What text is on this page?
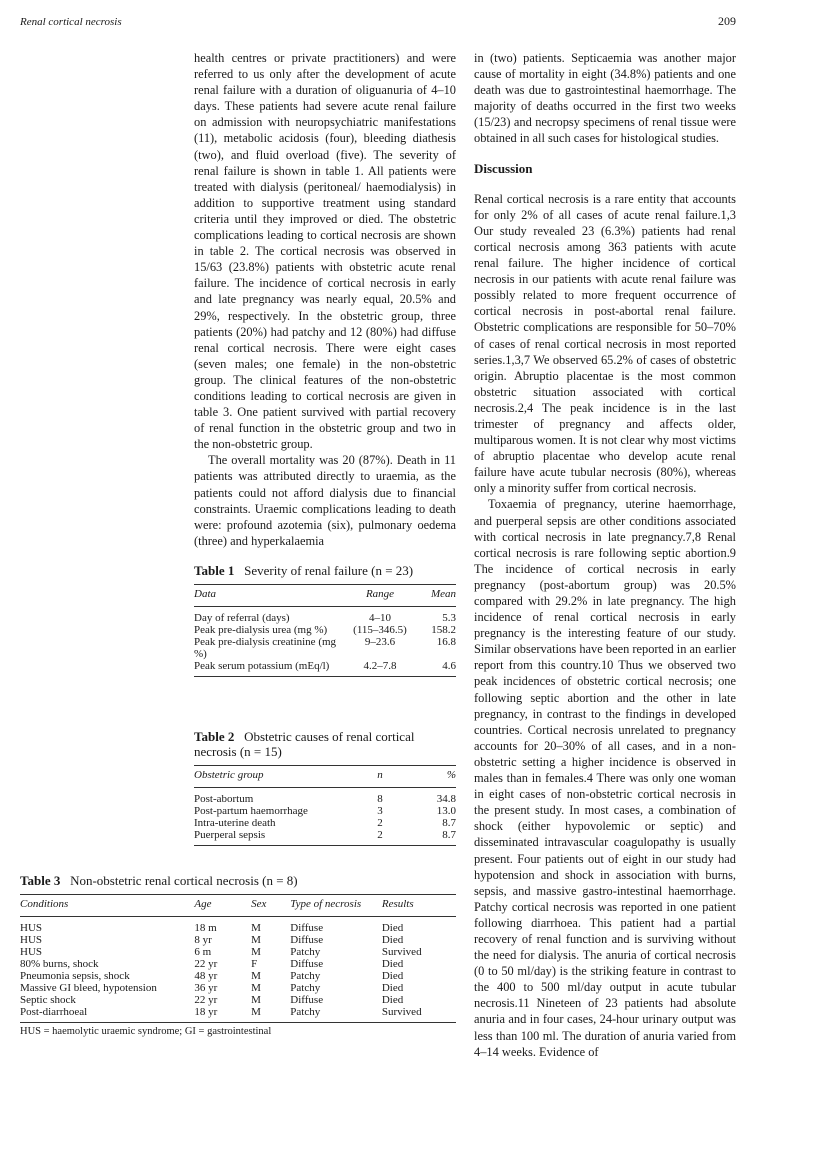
Renal cortical necrosis	209

health centres or private practitioners) and were referred to us only after the development of acute renal failure with a duration of oliguanuria of 4–10 days. These patients had severe acute renal failure on admission with neuropsychiatric manifestations (11), metabolic acidosis (four), bleeding diathesis (two), and fluid overload (five). The severity of renal failure is shown in table 1. All patients were treated with dialysis (peritoneal/ haemodialysis) in addition to supportive treatment using standard criteria until they improved or died. The obstetric complications leading to cortical necrosis are shown in table 2. The cortical necrosis was observed in 15/63 (23.8%) patients with obstetric acute renal failure. The incidence of cortical necrosis in early and late pregnancy was nearly equal, 20.5% and 29%, respectively. In the obstetric group, three patients (20%) had patchy and 12 (80%) had diffuse renal cortical necrosis. There were eight cases (seven males; one female) in the non-obstetric group. The clinical features of the non-obstetric conditions leading to cortical necrosis are given in table 3. One patient survived with partial recovery of renal function in the obstetric group and two in the non-obstetric group.

The overall mortality was 20 (87%). Death in 11 patients was attributed directly to uraemia, as the patients could not afford dialysis due to financial constraints. Uraemic complications leading to death were: profound azotemia (six), pulmonary oedema (three) and hyperkalaemia

in (two) patients. Septicaemia was another major cause of mortality in eight (34.8%) patients and one death was due to gastrointestinal haemorrhage. The majority of deaths occurred in the first two weeks (15/23) and necropsy specimens of renal tissue were obtained in all such cases for histological studies.

Discussion

Renal cortical necrosis is a rare entity that accounts for only 2% of all cases of acute renal failure.1,3 Our study revealed 23 (6.3%) patients had renal cortical necrosis among 363 patients with acute renal failure. The higher incidence of cortical necrosis in our patients with acute renal failure was possibly related to more frequent occurrence of cortical necrosis in post-abortal renal failure. Obstetric complications are responsible for 50–70% of cases of renal cortical necrosis in most reported series.1,3,7 We observed 65.2% of cases of obstetric origin. Abruptio placentae is the most common obstetric situation associated with cortical necrosis.2,4 The peak incidence is in the last trimester of pregnancy and affects older, multiparous women. It is not clear why most victims of abruptio placentae who develop acute renal failure have acute tubular necrosis (80%), whereas only a minority suffer from cortical necrosis.

Toxaemia of pregnancy, uterine haemorrhage, and puerperal sepsis are other conditions associated with cortical necrosis in late pregnancy.7,8 Renal cortical necrosis is rare following septic abortion.9 The incidence of cortical necrosis in early pregnancy (post-abortum group) was 20.5% compared with 29.2% in late pregnancy. The high incidence of renal cortical necrosis in early pregnancy is the interesting feature of our study. Similar observations have been reported in an earlier report from this country.10 Thus we observed two peak incidences of obstetric cortical necrosis; one following septic abortion and the other in late pregnancy, in contrast to the findings in developed countries. Cortical necrosis unrelated to pregnancy accounts for 20–30% of all cases, and in a non-obstetric setting a higher incidence is observed in males than in females.4 There was only one woman in eight cases of non-obstetric cortical necrosis in the present study. In most cases, a combination of shock (either hypovolemic or septic) and disseminated intravascular coagulopathy is usually present. Four patients out of eight in our study had hypotension and shock in association with burns, sepsis, and massive gastro-intestinal haemorrhage. Patchy cortical necrosis was reported in one patient following diarrhoea. This patient had a partial recovery of renal function and is surviving without the need for dialysis. The anuria of cortical necrosis (0 to 50 ml/day) is the striking feature in contrast to the 400 to 500 ml/day output in acute tubular necrosis.11 Nineteen of 23 patients had absolute anuria and in four cases, 24-hour urinary output was less than 100 ml. The duration of anuria varied from 4–14 weeks. Evidence of

Table 1 Severity of renal failure (n = 23)
Data	Range	Mean
Day of referral (days)	4–10	5.3
Peak pre-dialysis urea (mg %)	(115–346.5)	158.2
Peak pre-dialysis creatinine (mg %)	9–23.6	16.8
Peak serum potassium (mEq/l)	4.2–7.8	4.6
Table 2 Obstetric causes of renal cortical necrosis (n = 15)
Obstetric group	n	%
Post-abortum	8	34.8
Post-partum haemorrhage	3	13.0
Intra-uterine death	2	8.7
Puerperal sepsis	2	8.7
Table 3 Non-obstetric renal cortical necrosis (n = 8)
Conditions	Age	Sex	Type of necrosis	Results
HUS	18 m	M	Diffuse	Died
HUS	8 yr	M	Diffuse	Died
HUS	6 m	M	Patchy	Survived
80% burns, shock	22 yr	F	Diffuse	Died
Pneumonia sepsis, shock	48 yr	M	Patchy	Died
Massive GI bleed, hypotension	36 yr	M	Patchy	Died
Septic shock	22 yr	M	Diffuse	Died
Post-diarrhoeal	18 yr	M	Patchy	Survived
HUS = haemolytic uraemic syndrome; GI = gastrointestinal
